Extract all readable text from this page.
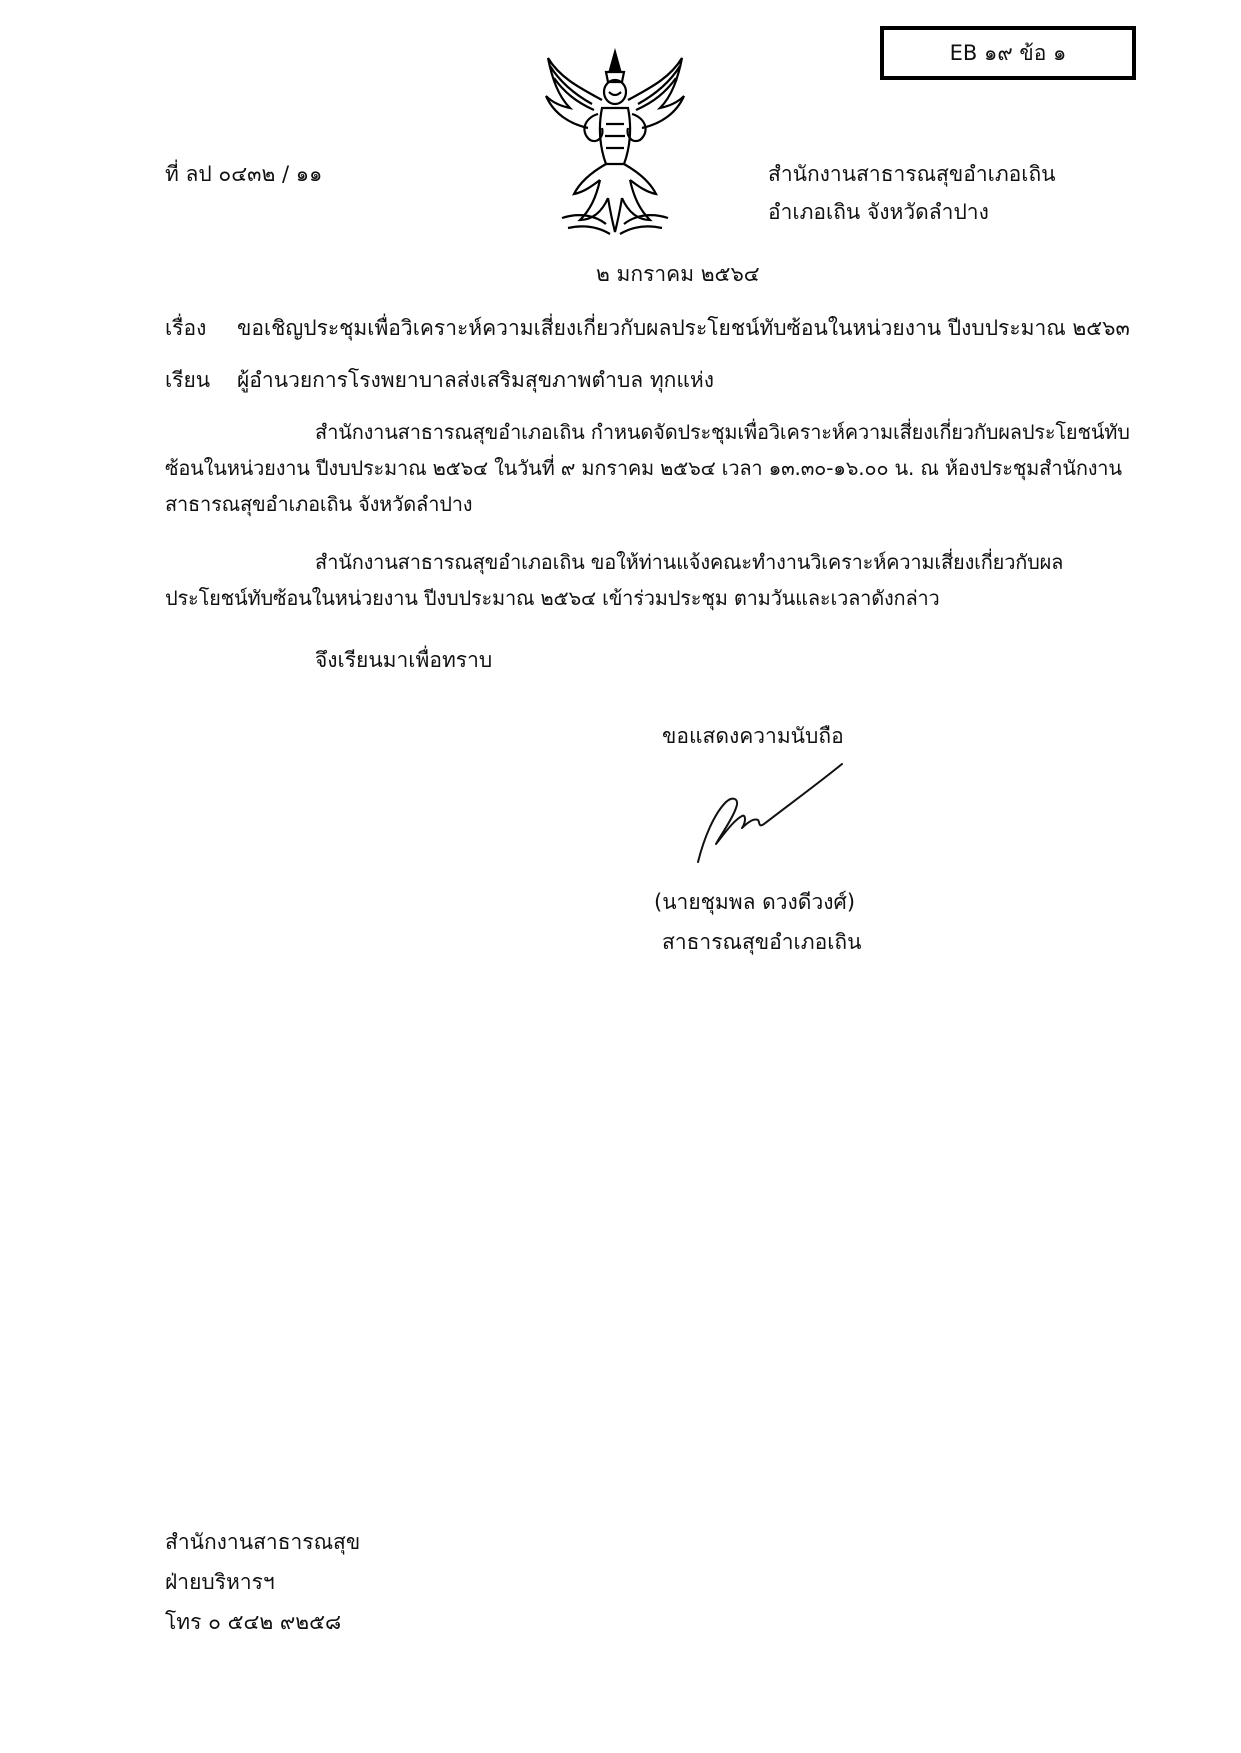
EB ๑๙ ข้อ ๑
ที่ ลป ๐๔๓๒ / ๑๑	สำนักงานสาธารณสุขอำเภอเถิน
อำเภอเถิน จังหวัดลำปาง
๒ มกราคม ๒๕๖๔
เรื่อง ขอเชิญประชุมเพื่อวิเคราะห์ความเสี่ยงเกี่ยวกับผลประโยชน์ทับซ้อนในหน่วยงาน ปีงบประมาณ ๒๕๖๓
เรียน ผู้อำนวยการโรงพยาบาลส่งเสริมสุขภาพตำบล ทุกแห่ง
สำนักงานสาธารณสุขอำเภอเถิน กำหนดจัดประชุมเพื่อวิเคราะห์ความเสี่ยงเกี่ยวกับผลประโยชน์ทับซ้อนในหน่วยงาน ปีงบประมาณ ๒๕๖๔ ในวันที่ ๙ มกราคม ๒๕๖๔ เวลา ๑๓.๓๐-๑๖.๐๐ น. ณ ห้องประชุมสำนักงานสาธารณสุขอำเภอเถิน จังหวัดลำปาง
สำนักงานสาธารณสุขอำเภอเถิน ขอให้ท่านแจ้งคณะทำงานวิเคราะห์ความเสี่ยงเกี่ยวกับผลประโยชน์ทับซ้อนในหน่วยงาน ปีงบประมาณ ๒๕๖๔ เข้าร่วมประชุม ตามวันและเวลาดังกล่าว
จึงเรียนมาเพื่อทราบ
ขอแสดงความนับถือ
(นายชุมพล ดวงดีวงศ์)
สาธารณสุขอำเภอเถิน
สำนักงานสาธารณสุข
ฝ่ายบริหารฯ
โทร ๐ ๕๔๒ ๙๒๕๘
